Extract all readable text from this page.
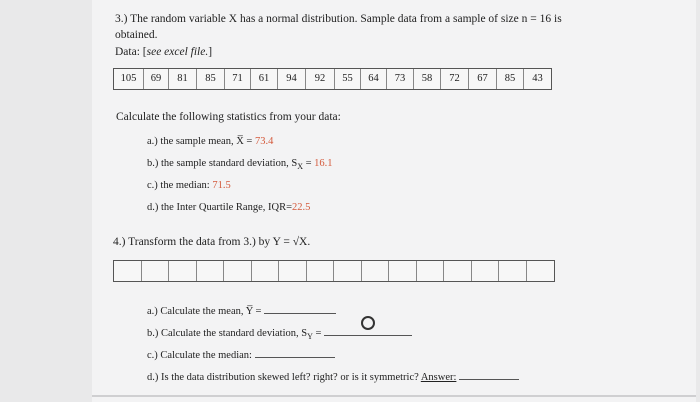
3.) The random variable X has a normal distribution. Sample data from a sample of size n = 16 is obtained.
Data: [see excel file.]
105	69	81	85	71	61	94	92	55	64	73	58	72	67	85	43
Calculate the following statistics from your data:
a.) the sample mean, X̅ = 73.4
b.) the sample standard deviation, $S_X = 16.1$
c.) the median: 71.5
d.) the Inter Quartile Range, IQR=22.5
4.) Transform the data from 3.) by Y = √X.
a.) Calculate the mean, Y̅ =
b.) Calculate the standard deviation, $S_Y$ =
c.) Calculate the median:
d.) Is the data distribution skewed left? right? or is it symmetric? Answer:
